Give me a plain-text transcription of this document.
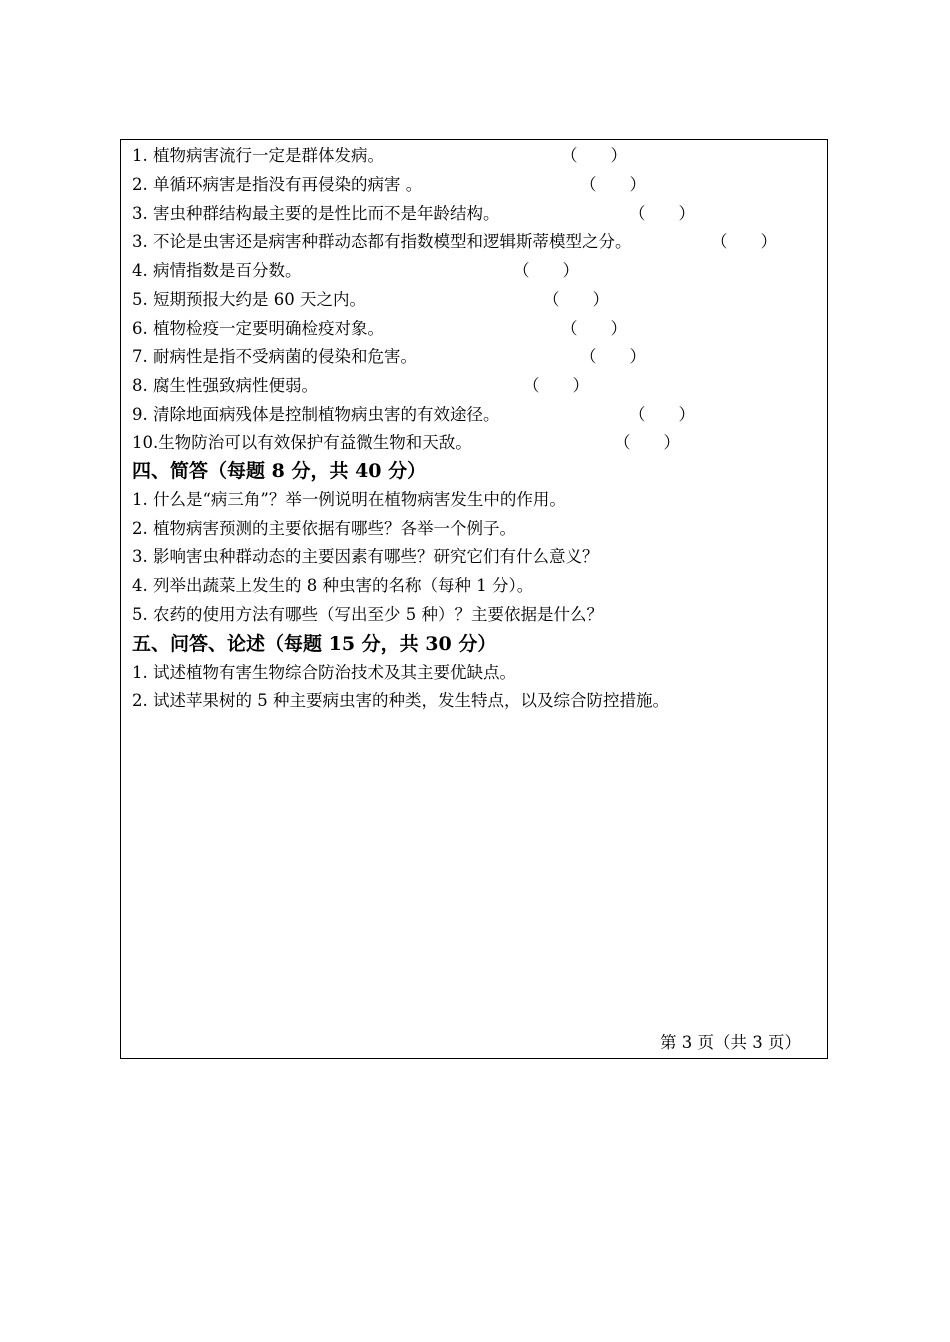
1. 植物病害流行一定是群体发病。	（　　）
2. 单循环病害是指没有再侵染的病害 。	（　　）
3. 害虫种群结构最主要的是性比而不是年龄结构。	（　　）
3. 不论是虫害还是病害种群动态都有指数模型和逻辑斯蒂模型之分。	（　　）
4. 病情指数是百分数。	（　　）
5. 短期预报大约是 60 天之内。	（　　）
6. 植物检疫一定要明确检疫对象。	（　　）
7. 耐病性是指不受病菌的侵染和危害。	（　　）
8. 腐生性强致病性便弱。	（　　）
9. 清除地面病残体是控制植物病虫害的有效途径。	（　　）
10.生物防治可以有效保护有益微生物和天敌。	（　　）
四、简答（每题 8 分，共 40 分）
1. 什么是“病三角”？举一例说明在植物病害发生中的作用。
2. 植物病害预测的主要依据有哪些？各举一个例子。
3. 影响害虫种群动态的主要因素有哪些？研究它们有什么意义？
4. 列举出蔬菜上发生的 8 种虫害的名称（每种 1 分）。
5. 农药的使用方法有哪些（写出至少 5 种）？主要依据是什么？
五、问答、论述（每题 15 分，共 30 分）
1. 试述植物有害生物综合防治技术及其主要优缺点。
2. 试述苹果树的 5 种主要病虫害的种类，发生特点，以及综合防控措施。
第 3 页（共 3 页）
